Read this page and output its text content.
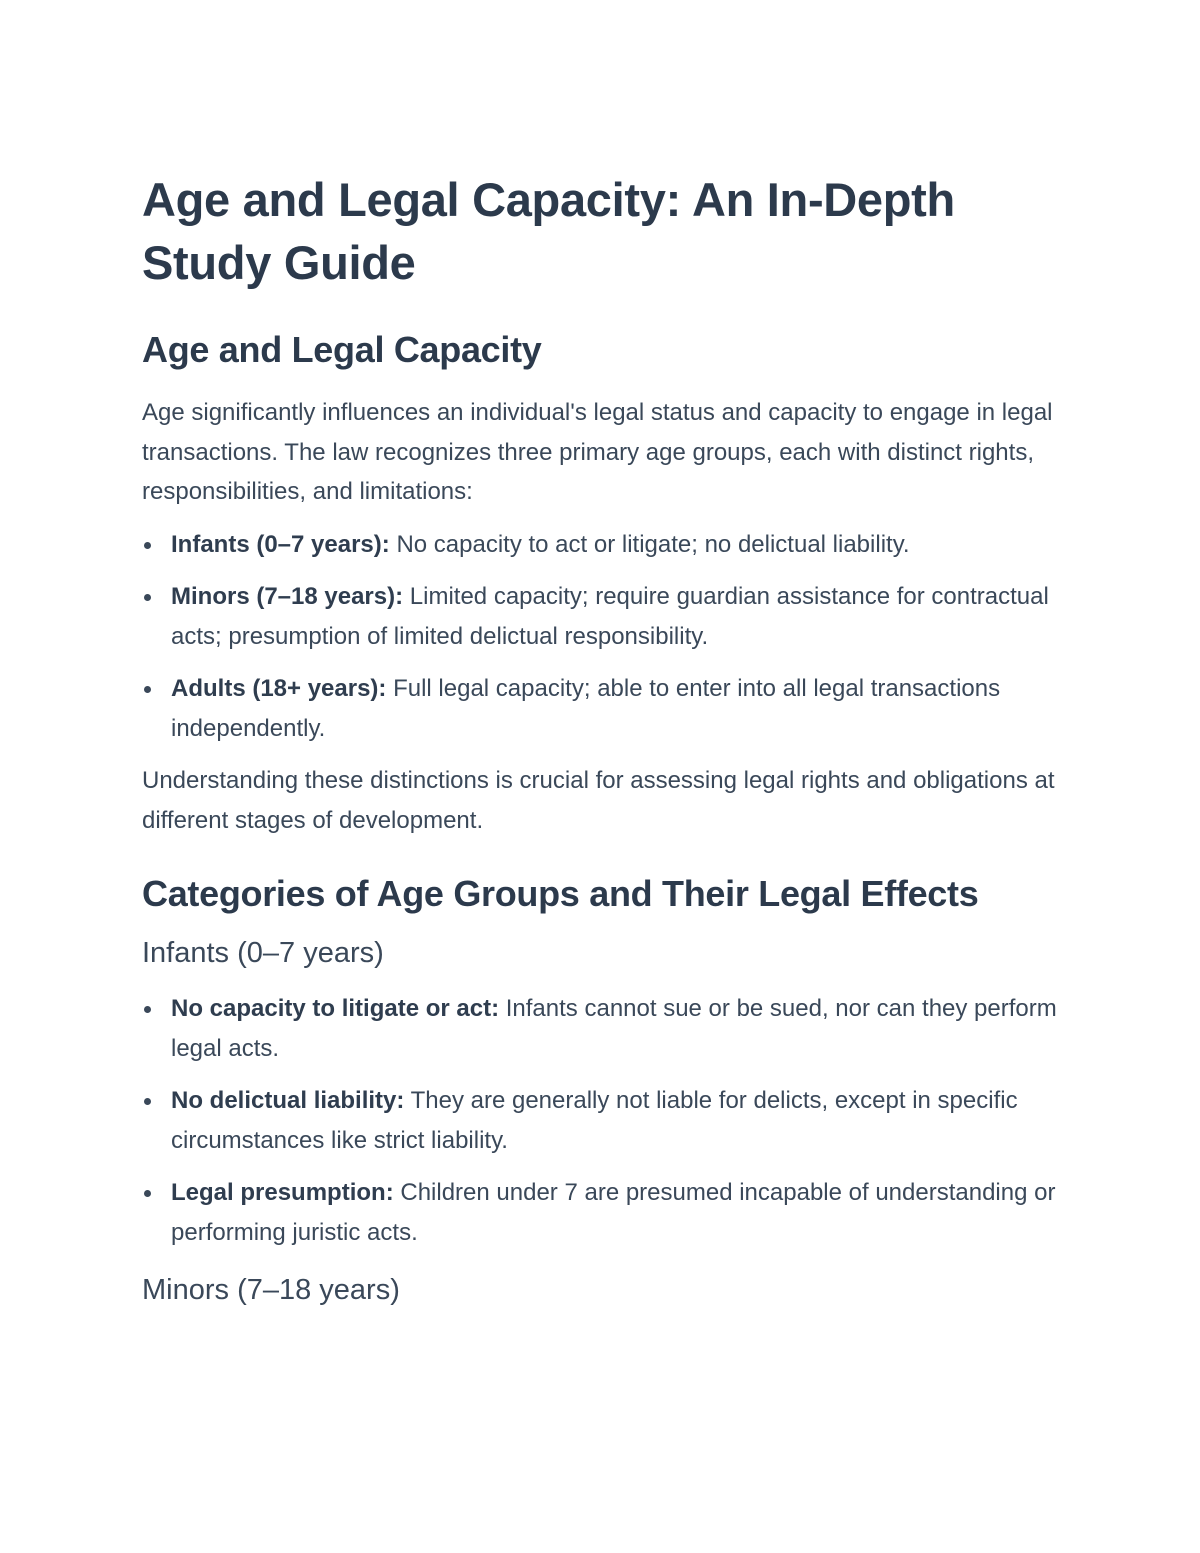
Age and Legal Capacity: An In-Depth Study Guide
Age and Legal Capacity

Age significantly influences an individual's legal status and capacity to engage in legal transactions. The law recognizes three primary age groups, each with distinct rights, responsibilities, and limitations:

Infants (0–7 years): No capacity to act or litigate; no delictual liability.
Minors (7–18 years): Limited capacity; require guardian assistance for contractual acts; presumption of limited delictual responsibility.
Adults (18+ years): Full legal capacity; able to enter into all legal transactions independently.

Understanding these distinctions is crucial for assessing legal rights and obligations at different stages of development.

Categories of Age Groups and Their Legal Effects
Infants (0–7 years)
No capacity to litigate or act: Infants cannot sue or be sued, nor can they perform legal acts.
No delictual liability: They are generally not liable for delicts, except in specific circumstances like strict liability.
Legal presumption: Children under 7 are presumed incapable of understanding or performing juristic acts.
Minors (7–18 years)
